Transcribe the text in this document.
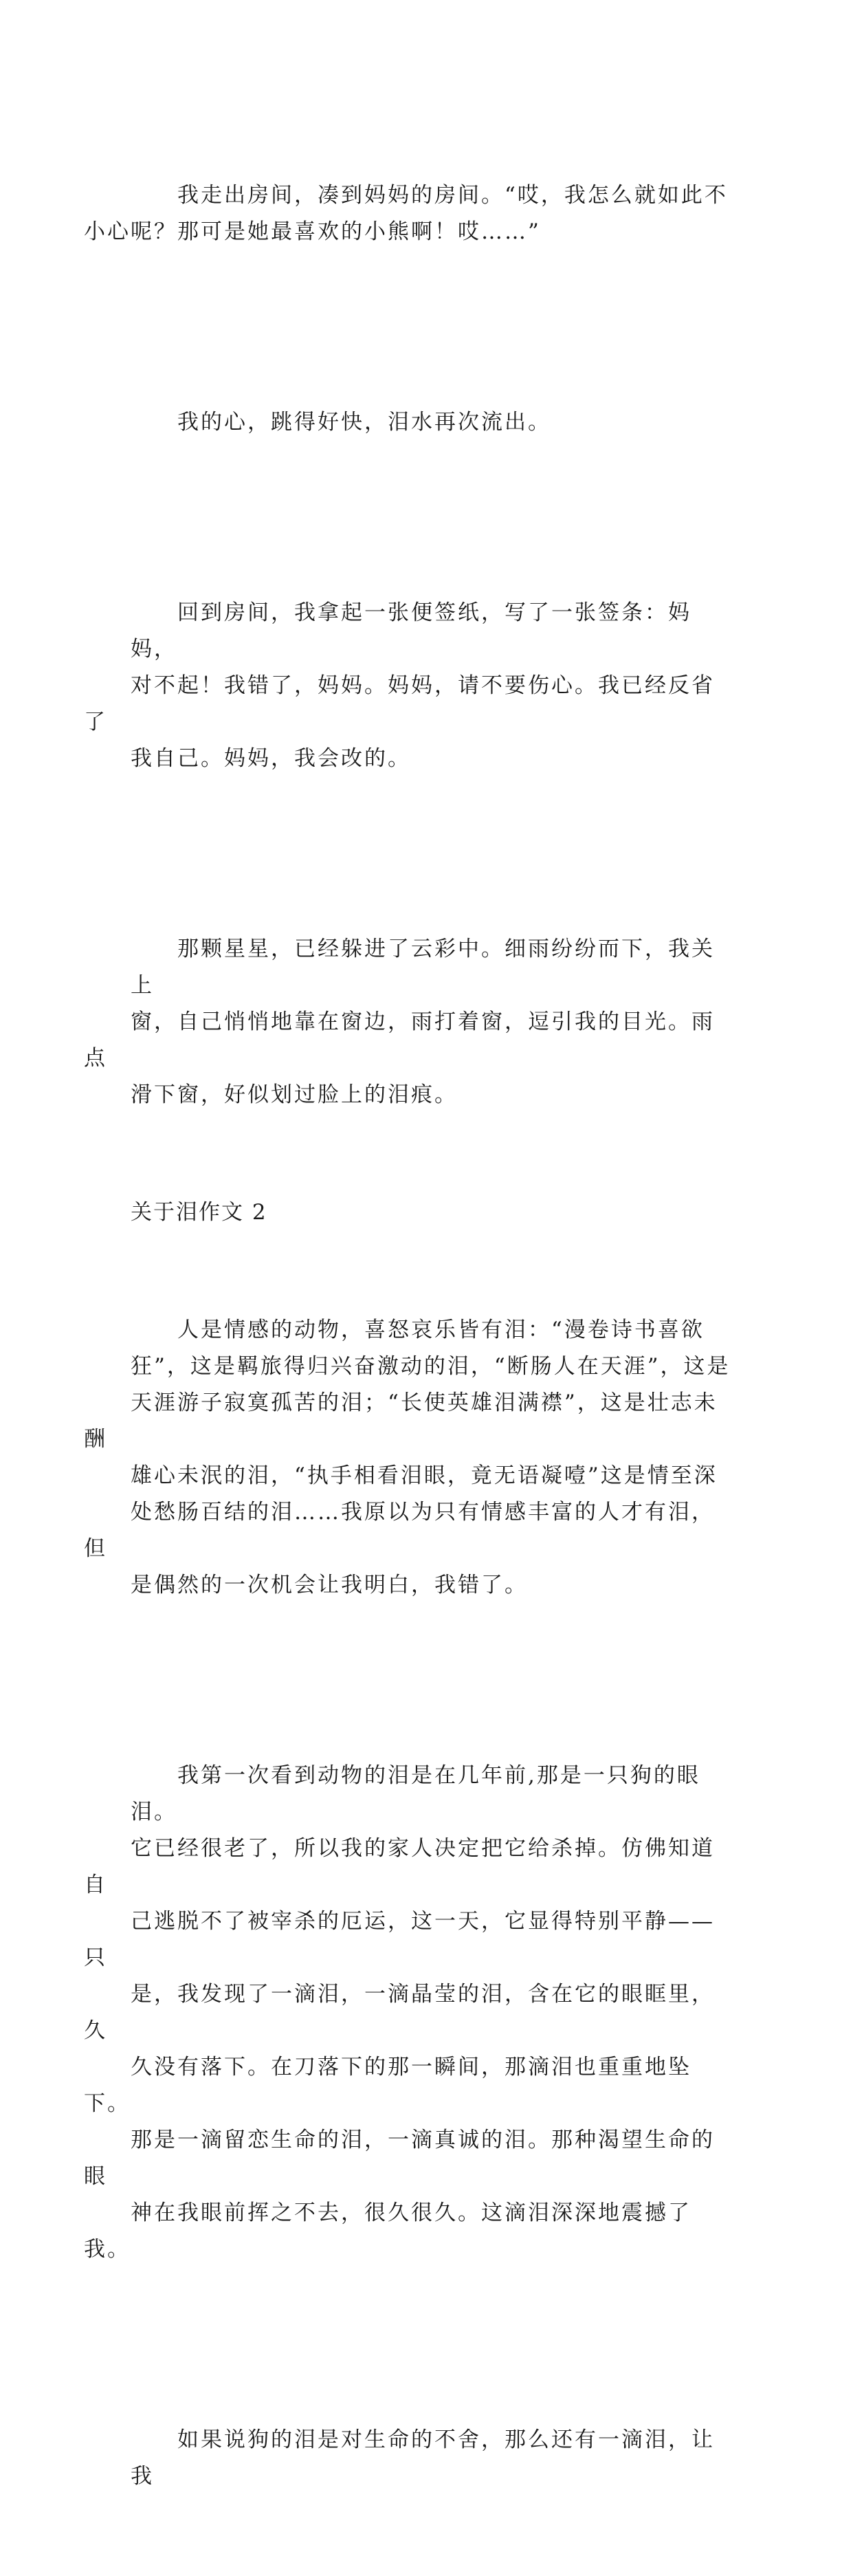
我走出房间，凑到妈妈的房间。“哎，我怎么就如此不
小心呢？那可是她最喜欢的小熊啊！哎……”

我的心，跳得好快，泪水再次流出。

回到房间，我拿起一张便签纸，写了一张签条：妈妈，
对不起！我错了，妈妈。妈妈，请不要伤心。我已经反省了
我自己。妈妈，我会改的。

那颗星星，已经躲进了云彩中。细雨纷纷而下，我关上
窗，自己悄悄地靠在窗边，雨打着窗，逗引我的目光。雨点
滑下窗，好似划过脸上的泪痕。

关于泪作文 2

人是情感的动物，喜怒哀乐皆有泪：“漫卷诗书喜欲
狂”，这是羁旅得归兴奋激动的泪，“断肠人在天涯”，这是
天涯游子寂寞孤苦的泪；“长使英雄泪满襟”，这是壮志未酬
雄心未泯的泪，“执手相看泪眼，竟无语凝噎”这是情至深
处愁肠百结的泪……我原以为只有情感丰富的人才有泪，但
是偶然的一次机会让我明白，我错了。

我第一次看到动物的泪是在几年前,那是一只狗的眼泪。
它已经很老了，所以我的家人决定把它给杀掉。仿佛知道自
己逃脱不了被宰杀的厄运，这一天，它显得特别平静——只
是，我发现了一滴泪，一滴晶莹的泪，含在它的眼眶里，久
久没有落下。在刀落下的那一瞬间，那滴泪也重重地坠下。
那是一滴留恋生命的泪，一滴真诚的泪。那种渴望生命的眼
神在我眼前挥之不去，很久很久。这滴泪深深地震撼了我。

如果说狗的泪是对生命的不舍，那么还有一滴泪，让我
